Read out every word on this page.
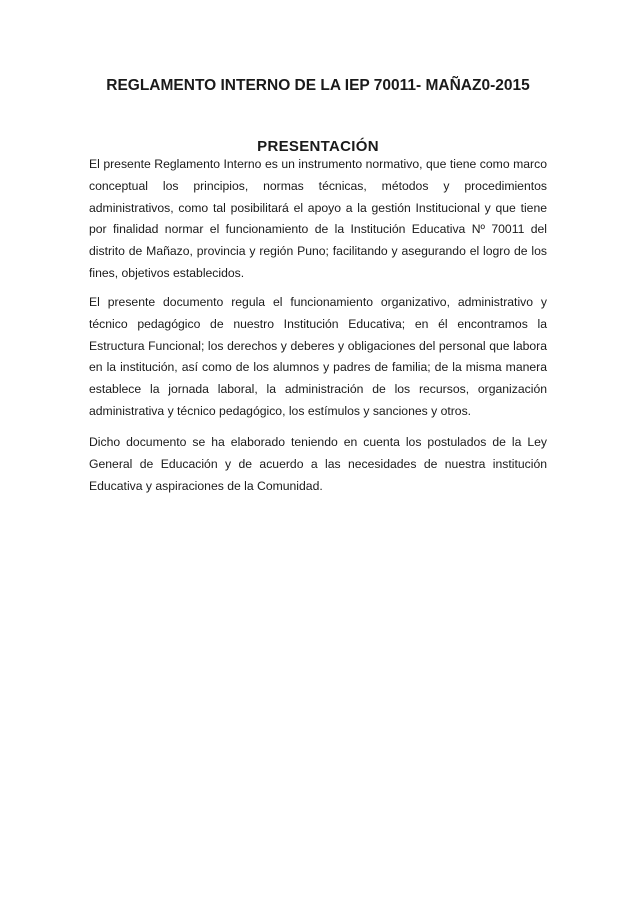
REGLAMENTO INTERNO DE LA IEP 70011- MAÑAZ0-2015
PRESENTACIÓN

El presente Reglamento Interno es un instrumento normativo, que tiene como marco conceptual los principios, normas técnicas, métodos y procedimientos administrativos, como tal posibilitará el apoyo a la gestión Institucional y que tiene por finalidad normar el funcionamiento de la Institución Educativa Nº 70011 del distrito de Mañazo, provincia y región Puno; facilitando y asegurando el logro de los fines, objetivos establecidos.

El presente documento regula el funcionamiento organizativo, administrativo y técnico pedagógico de nuestro Institución Educativa; en él encontramos la Estructura Funcional; los derechos y deberes y obligaciones del personal que labora en la institución, así como de los alumnos y padres de familia; de la misma manera establece la jornada laboral, la administración de los recursos, organización administrativa y técnico pedagógico, los estímulos y sanciones y otros.

Dicho documento se ha elaborado teniendo en cuenta los postulados de la Ley General de Educación y de acuerdo a las necesidades de nuestra institución Educativa y aspiraciones de la Comunidad.
